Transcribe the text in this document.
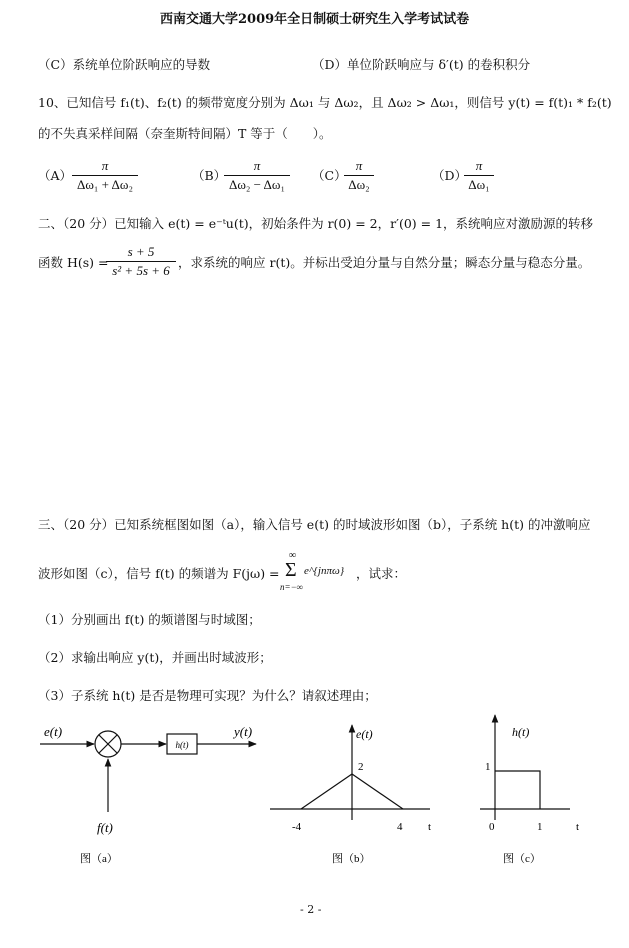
西南交通大学2009年全日制硕士研究生入学考试试卷
（C）系统单位阶跃响应的导数	（D）单位阶跃响应与 δ′(t) 的卷积积分
10、已知信号 f₁(t)、f₂(t) 的频带宽度分别为 Δω₁ 与 Δω₂，且 Δω₂ > Δω₁，则信号 y(t) = f(t)₁ * f₂(t)
的不失真采样间隔（奈奎斯特间隔）T 等于（　　）。
（A）
π
Δω₁ + Δω₂
（B）
π
Δω₂ − Δω₁
（C）
π
Δω₂
（D）
π
Δω₁
二、（20 分）已知输入 e(t) = e⁻ᵗu(t)，初始条件为 r(0) = 2，r′(0) = 1，系统响应对激励源的转移
函数 H(s) =
s + 5
s² + 5s + 6
，求系统的响应 r(t)。并标出受迫分量与自然分量；瞬态分量与稳态分量。
三、（20 分）已知系统框图如图（a），输入信号 e(t) 的时域波形如图（b），子系统 h(t) 的冲激响应
波形如图（c），信号 f(t) 的频谱为 F(jω) =
∞
Σ
n=−∞
e^{jnπω} ，试求：
（1）分别画出 f(t) 的频谱图与时域图；
（2）求输出响应 y(t)，并画出时域波形；
（3）子系统 h(t) 是否是物理可实现？为什么？请叙述理由；
e(t)
h(t)
y(t)
f(t)
图（a）
e(t)
2
-4	4 t
图（b）
h(t)
1
0	1	t
图（c）
- 2 -
